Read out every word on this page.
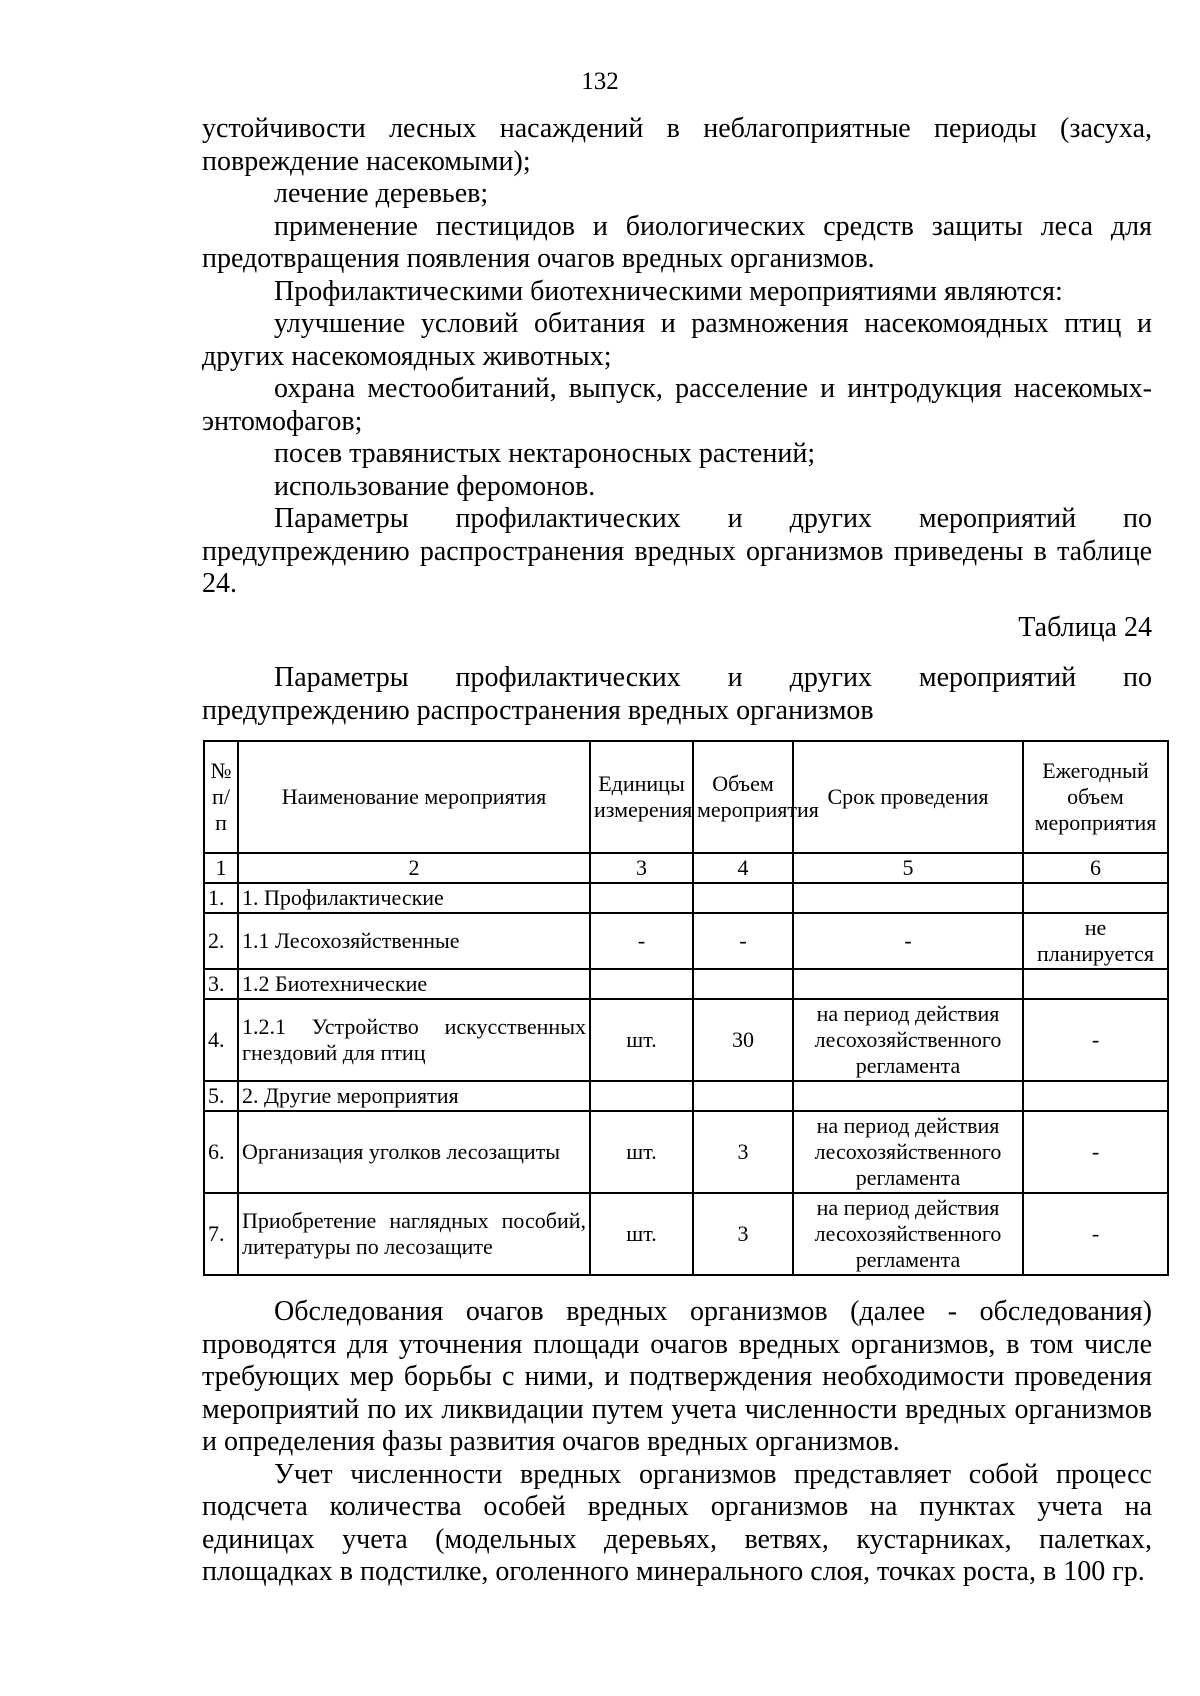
132

устойчивости лесных насаждений в неблагоприятные периоды (засуха, повреждение насекомыми);

лечение деревьев;

применение пестицидов и биологических средств защиты леса для предотвращения появления очагов вредных организмов.

Профилактическими биотехническими мероприятиями являются:

улучшение условий обитания и размножения насекомоядных птиц и других насекомоядных животных;

охрана местообитаний, выпуск, расселение и интродукция насекомых-энтомофагов;

посев травянистых нектароносных растений;

использование феромонов.

Параметры профилактических и других мероприятий по предупреждению распространения вредных организмов приведены в таблице 24.

Таблица 24

Параметры профилактических и других мероприятий по предупреждению распространения вредных организмов

№ п/п	Наименование мероприятия	Единицы измерения	Объем мероприятия	Срок проведения	Ежегодный объем мероприятия
1	2	3	4	5	6
1.	1. Профилактические				
2.	1.1 Лесохозяйственные	-	-	-	не планируется
3.	1.2 Биотехнические				
4.	1.2.1 Устройство искусственных гнездовий для птиц	шт.	30	на период действия лесохозяйственного регламента	-
5.	2. Другие мероприятия				
6.	Организация уголков лесозащиты	шт.	3	на период действия лесохозяйственного регламента	-
7.	Приобретение наглядных пособий, литературы по лесозащите	шт.	3	на период действия лесохозяйственного регламента	-

Обследования очагов вредных организмов (далее - обследования) проводятся для уточнения площади очагов вредных организмов, в том числе требующих мер борьбы с ними, и подтверждения необходимости проведения мероприятий по их ликвидации путем учета численности вредных организмов и определения фазы развития очагов вредных организмов.

Учет численности вредных организмов представляет собой процесс подсчета количества особей вредных организмов на пунктах учета на единицах учета (модельных деревьях, ветвях, кустарниках, палетках, площадках в подстилке, оголенного минерального слоя, точках роста, в 100 гр.
